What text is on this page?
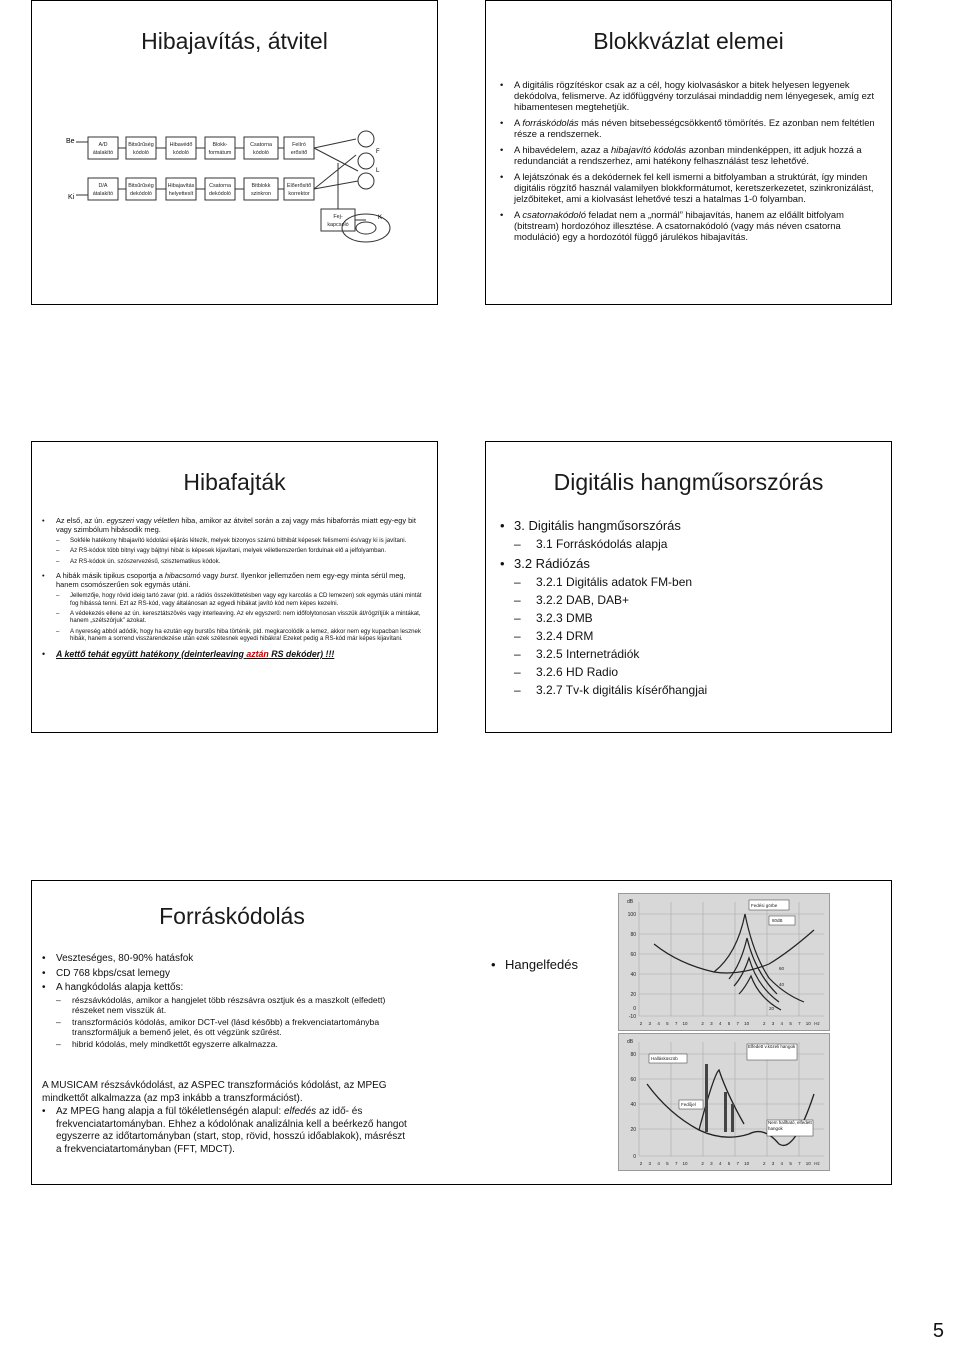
Hibajavítás, átvitel
Be
Ki
A/D
átalakító
Bitsűrűség
kódoló
Hibavédő
kódoló
Blokk-
formátum
Csatorna
kódoló
Felíró
erősítő
D/A
átalakító
Bitsűrűség
dekódoló
Hibajavítás
helyettesít
Csatorna
dekódoló
Bitblokk
szinkron
Előerősítő
korrektor
Fej-
kapcsoló
F
L
K
Blokkvázlat elemei
• A digitális rögzítéskor csak az a cél, hogy kiolvasáskor a bitek helyesen legyenek dekódolva, felismerve. Az időfüggvény torzulásai mindaddig nem lényegesek, amíg ezt hibamentesen megtehetjük.
• A forráskódolás más néven bitsebességcsökkentő tömörítés. Ez azonban nem feltétlen része a rendszernek.
• A hibavédelem, azaz a hibajavító kódolás azonban mindenképpen, itt adjuk hozzá a redundanciát a rendszerhez, ami hatékony felhasználást tesz lehetővé.
• A lejátszónak és a dekódernek fel kell ismerni a bitfolyamban a struktúrát, így minden digitális rögzítő használ valamilyen blokkformátumot, keretszerkezetet, szinkronizálást, jelzőbiteket, ami a kiolvasást lehetővé teszi a hatalmas 1-0 folyamban.
• A csatornakódoló feladat nem a „normál” hibajavítás, hanem az előállt bitfolyam (bitstream) hordozóhoz illesztése. A csatornakódoló (vagy más néven csatorna moduláció) egy a hordozótól függő járulékos hibajavítás.
Hibafajták
• Az első, az ún. egyszeri vagy véletlen hiba, amikor az átvitel során a zaj vagy más hibaforrás miatt egy-egy bit vagy szimbólum hibásodik meg.
– Sokféle hatékony hibajavító kódolási eljárás létezik, melyek bizonyos számú bithibát képesek felismerni és/vagy ki is javítani.
– Az RS-kódok több bitnyi vagy bájtnyi hibát is képesek kijavítani, melyek véletlenszerűen fordulnak elő a jelfolyamban.
– Az RS-kódok ún. szószervezésű, szisztematikus kódok.
• A hibák másik tipikus csoportja a hibacsomó vagy burst. Ilyenkor jellemzően nem egy-egy minta sérül meg, hanem csomószerűen sok egymás utáni.
– Jellemzője, hogy rövid ideig tartó zavar (pld. a rádiós összeköttetésben vagy egy karcolás a CD lemezen) sok egymás utáni mintát fog hibássá tenni. Ezt az RS-kód, vagy általánosan az egyedi hibákat javító kód nem képes kezelni.
– A védekezés ellene az ún. keresztátszövés vagy interleaving. Az elv egyszerű: nem időfolytonosan visszük át/rögzítjük a mintákat, hanem „szétszórjuk” azokat.
– A nyereség abból adódik, hogy ha ezután egy burstös hiba történik, pld. megkarcolódik a lemez, akkor nem egy kupacban lesznek hibák, hanem a sorrend visszarendezése után ezek szétesnek egyedi hibákra! Ezeket pedig a RS-kód már képes kijavítani.
• A kettő tehát együtt hatékony (deinterleaving aztán RS dekóder) !!!
Digitális hangműsorszórás
• 3. Digitális hangműsorszórás
– 3.1 Forráskódolás alapja
• 3.2 Rádiózás
– 3.2.1 Digitális adatok FM-ben
– 3.2.2 DAB, DAB+
– 3.2.3 DMB
– 3.2.4 DRM
– 3.2.5 Internetrádiók
– 3.2.6 HD Radio
– 3.2.7 Tv-k digitális kísérőhangjai
Forráskódolás
• Veszteséges, 80-90% hatásfok
• CD 768 kbps/csat lemegy
• A hangkódolás alapja kettős:
– részsávkódolás, amikor a hangjelet több részsávra osztjuk és a maszkolt (elfedett) részeket nem visszük át.
– transzformációs kódolás, amikor DCT-vel (lásd később) a frekvenciatartományba transzformáljuk a bemenő jelet, és ott végzünk szűrést.
– hibrid kódolás, mely mindkettőt egyszerre alkalmazza.
A MUSICAM részsávkódolást, az ASPEC transzformációs kódolást, az MPEG mindkettőt alkalmazza (az mp3 inkább a transzformációst).
• Az MPEG hang alapja a fül tökéletlenségén alapul: elfedés az idő- és frekvenciatartományban. Ehhez a kódolónak analizálnia kell a beérkező hangot egyszerre az időtartományban (start, stop, rövid, hosszú időablakok), másrészt a frekvenciatartományban (FFT, MDCT).
• Hangelfedés
Fedési görbe
80dB
60
40
20
dB
100
80
60
40
20
0
-10
2 3 4 5 7 10	2 3 4 5 7 10	2 3 4 5 7 10 Hz
Hallásküszöb
Elfedett v.közeli hangok
Fedőjel
Nem hallható, elfedett hangok
dB
80
60
40
20
0
2 3 4 5 7 10	2 3 4 5 7 10	2 3 4 5 7 10 Hz
5
